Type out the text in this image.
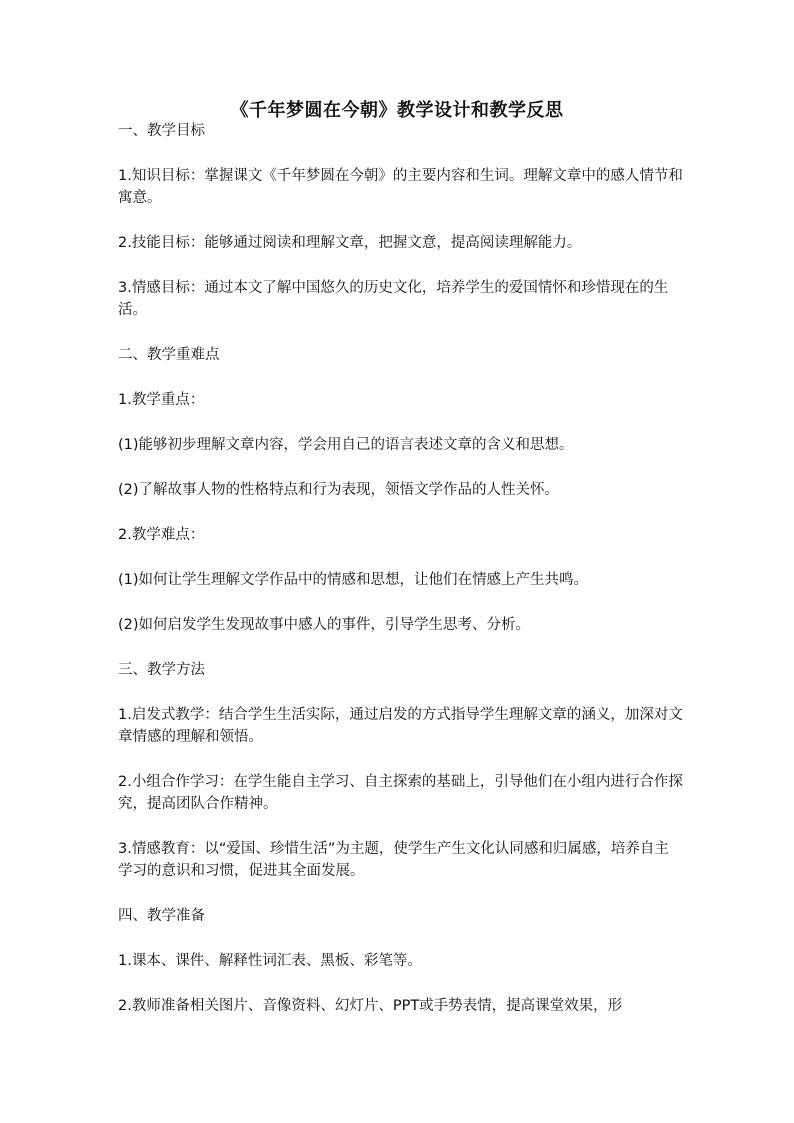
《千年梦圆在今朝》教学设计和教学反思

一、教学目标

1.知识目标：掌握课文《千年梦圆在今朝》的主要内容和生词。理解文章中的感人情节和寓意。

2.技能目标：能够通过阅读和理解文章，把握文意，提高阅读理解能力。

3.情感目标：通过本文了解中国悠久的历史文化，培养学生的爱国情怀和珍惜现在的生活。

二、教学重难点

1.教学重点：

(1)能够初步理解文章内容，学会用自己的语言表述文章的含义和思想。

(2)了解故事人物的性格特点和行为表现，领悟文学作品的人性关怀。

2.教学难点：

(1)如何让学生理解文学作品中的情感和思想，让他们在情感上产生共鸣。

(2)如何启发学生发现故事中感人的事件，引导学生思考、分析。

三、教学方法

1.启发式教学：结合学生生活实际，通过启发的方式指导学生理解文章的涵义，加深对文章情感的理解和领悟。

2.小组合作学习：在学生能自主学习、自主探索的基础上，引导他们在小组内进行合作探究，提高团队合作精神。

3.情感教育：以“爱国、珍惜生活”为主题，使学生产生文化认同感和归属感，培养自主学习的意识和习惯，促进其全面发展。

四、教学准备

1.课本、课件、解释性词汇表、黑板、彩笔等。

2.教师准备相关图片、音像资料、幻灯片、PPT或手势表情，提高课堂效果，形
